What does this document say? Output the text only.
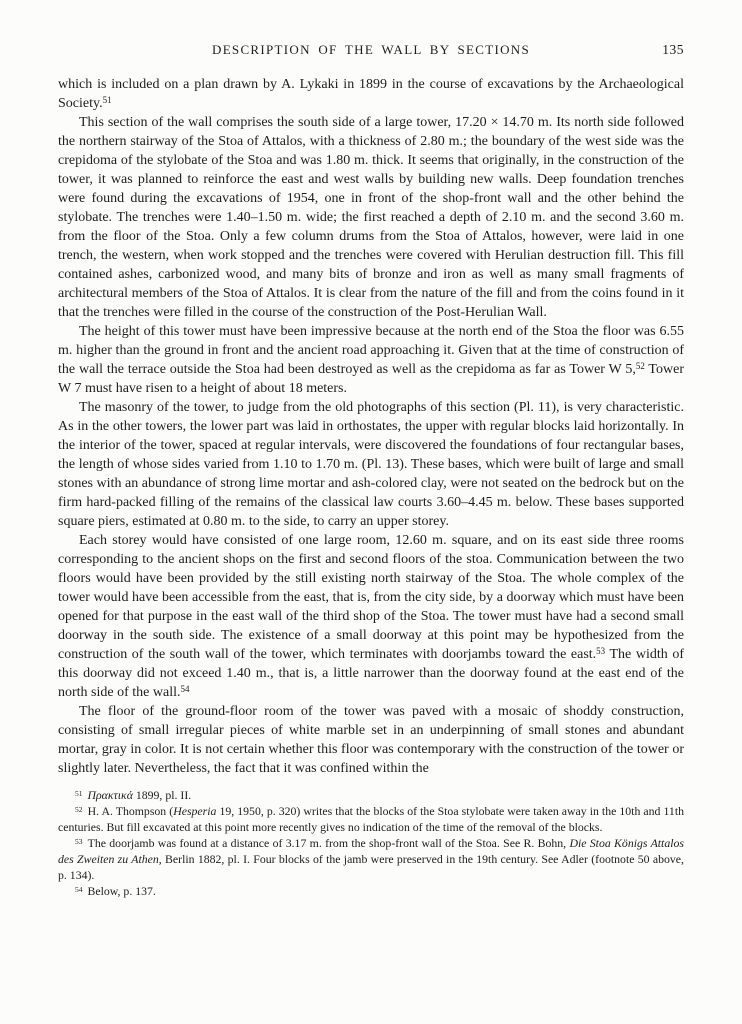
DESCRIPTION OF THE WALL BY SECTIONS	135

which is included on a plan drawn by A. Lykaki in 1899 in the course of excavations by the Archaeological Society.$^{51}$

This section of the wall comprises the south side of a large tower, 17.20 × 14.70 m. Its north side followed the northern stairway of the Stoa of Attalos, with a thickness of 2.80 m.; the boundary of the west side was the crepidoma of the stylobate of the Stoa and was 1.80 m. thick. It seems that originally, in the construction of the tower, it was planned to reinforce the east and west walls by building new walls. Deep foundation trenches were found during the excavations of 1954, one in front of the shop-front wall and the other behind the stylobate. The trenches were 1.40–1.50 m. wide; the first reached a depth of 2.10 m. and the second 3.60 m. from the floor of the Stoa. Only a few column drums from the Stoa of Attalos, however, were laid in one trench, the western, when work stopped and the trenches were covered with Herulian destruction fill. This fill contained ashes, carbonized wood, and many bits of bronze and iron as well as many small fragments of architectural members of the Stoa of Attalos. It is clear from the nature of the fill and from the coins found in it that the trenches were filled in the course of the construction of the Post-Herulian Wall.

The height of this tower must have been impressive because at the north end of the Stoa the floor was 6.55 m. higher than the ground in front and the ancient road approaching it. Given that at the time of construction of the wall the terrace outside the Stoa had been destroyed as well as the crepidoma as far as Tower W 5,52 Tower W 7 must have risen to a height of about 18 meters.

The masonry of the tower, to judge from the old photographs of this section (Pl. 11), is very characteristic. As in the other towers, the lower part was laid in orthostates, the upper with regular blocks laid horizontally. In the interior of the tower, spaced at regular intervals, were discovered the foundations of four rectangular bases, the length of whose sides varied from 1.10 to 1.70 m. (Pl. 13). These bases, which were built of large and small stones with an abundance of strong lime mortar and ash-colored clay, were not seated on the bedrock but on the firm hard-packed filling of the remains of the classical law courts 3.60–4.45 m. below. These bases supported square piers, estimated at 0.80 m. to the side, to carry an upper storey.

Each storey would have consisted of one large room, 12.60 m. square, and on its east side three rooms corresponding to the ancient shops on the first and second floors of the stoa. Communication between the two floors would have been provided by the still existing north stairway of the Stoa. The whole complex of the tower would have been accessible from the east, that is, from the city side, by a doorway which must have been opened for that purpose in the east wall of the third shop of the Stoa. The tower must have had a second small doorway in the south side. The existence of a small doorway at this point may be hypothesized from the construction of the south wall of the tower, which terminates with doorjambs toward the east.$^{53}$ The width of this doorway did not exceed 1.40 m., that is, a little narrower than the doorway found at the east end of the north side of the wall.$^{54}$

The floor of the ground-floor room of the tower was paved with a mosaic of shoddy construction, consisting of small irregular pieces of white marble set in an underpinning of small stones and abundant mortar, gray in color. It is not certain whether this floor was contemporary with the construction of the tower or slightly later. Nevertheless, the fact that it was confined within the

$^{51}$ Πρακτικά 1899, pl. II.

$^{52}$ H. A. Thompson (Hesperia 19, 1950, p. 320) writes that the blocks of the Stoa stylobate were taken away in the 10th and 11th centuries. But fill excavated at this point more recently gives no indication of the time of the removal of the blocks.

$^{53}$ The doorjamb was found at a distance of 3.17 m. from the shop-front wall of the Stoa. See R. Bohn, Die Stoa Königs Attalos des Zweiten zu Athen, Berlin 1882, pl. I. Four blocks of the jamb were preserved in the 19th century. See Adler (footnote 50 above, p. 134).

$^{54}$ Below, p. 137.
